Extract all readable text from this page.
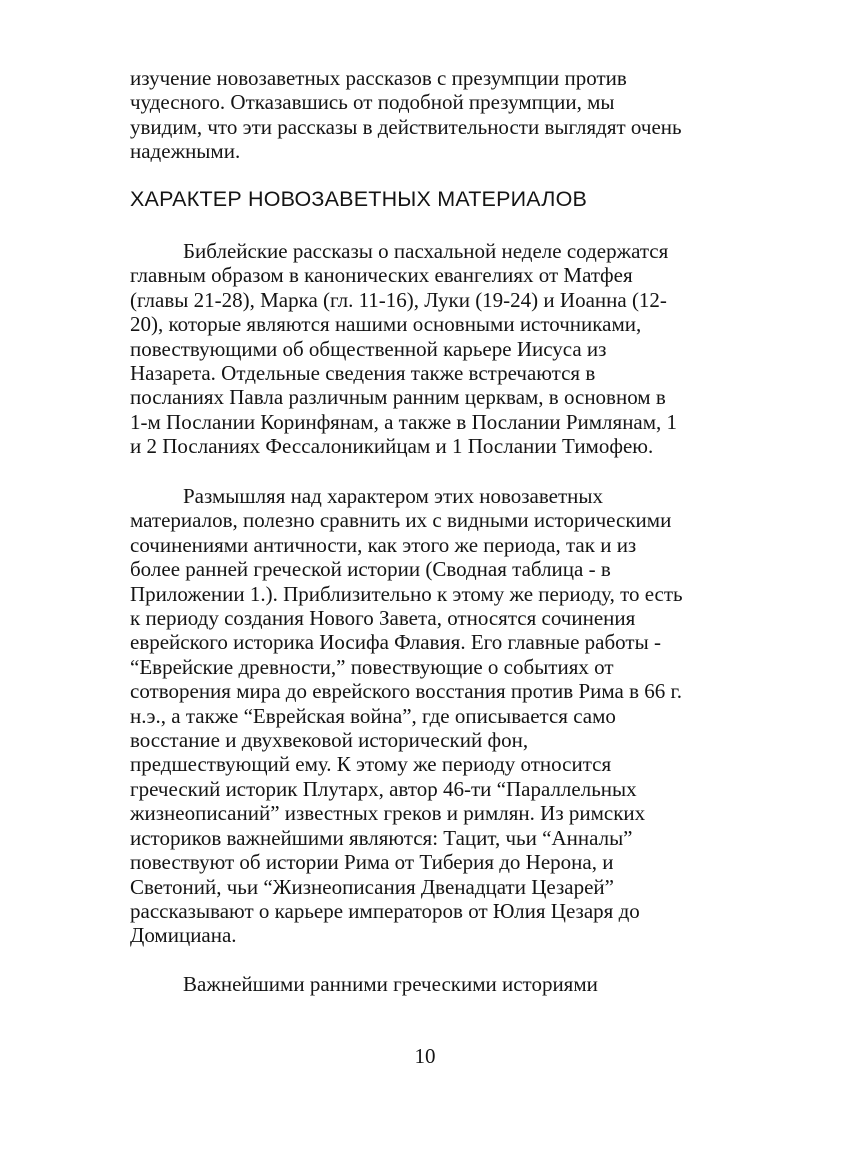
изучение новозаветных рассказов с презумпции против
чудесного. Отказавшись от подобной презумпции, мы
увидим, что эти рассказы в действительности выглядят очень
надежными.
ХАРАКТЕР НОВОЗАВЕТНЫХ МАТЕРИАЛОВ
Библейские рассказы о пасхальной неделе содержатся
главным образом в канонических евангелиях от Матфея
(главы 21-28), Марка (гл. 11-16), Луки (19-24) и Иоанна (12-
20), которые являются нашими основными источниками,
повествующими об общественной карьере Иисуса из
Назарета. Отдельные сведения также встречаются в
посланиях Павла различным ранним церквам, в основном в
1-м Послании Коринфянам, а также в Послании Римлянам, 1
и 2 Посланиях Фессалоникийцам и 1 Послании Тимофею.
Размышляя над характером этих новозаветных
материалов, полезно сравнить их с видными историческими
сочинениями античности, как этого же периода, так и из
более ранней греческой истории (Сводная таблица - в
Приложении 1.). Приблизительно к этому же периоду, то есть
к периоду создания Нового Завета, относятся сочинения
еврейского историка Иосифа Флавия. Его главные работы -
“Еврейские древности,” повествующие о событиях от
сотворения мира до еврейского восстания против Рима в 66 г.
н.э., а также “Еврейская война”, где описывается само
восстание и двухвековой исторический фон,
предшествующий ему. К этому же периоду относится
греческий историк Плутарх, автор 46-ти “Параллельных
жизнеописаний” известных греков и римлян. Из римских
историков важнейшими являются: Тацит, чьи “Анналы”
повествуют об истории Рима от Тиберия до Нерона, и
Светоний, чьи “Жизнеописания Двенадцати Цезарей”
рассказывают о карьере императоров от Юлия Цезаря до
Домициана.
Важнейшими ранними греческими историями
10
